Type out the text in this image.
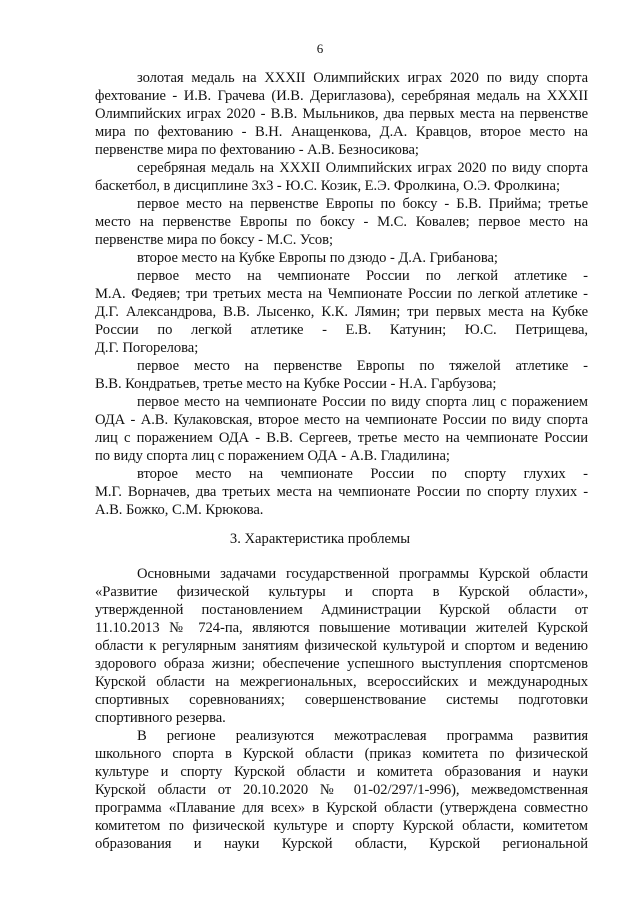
6
золотая медаль на XXXII Олимпийских играх 2020 по виду спорта
фехтование - И.В. Грачева (И.В. Дериглазова), серебряная медаль на XXXII
Олимпийских играх 2020 - В.В. Мыльников, два первых места на первенстве
мира по фехтованию - В.Н. Анащенкова, Д.А. Кравцов, второе место на
первенстве мира по фехтованию - А.В. Безносикова;
серебряная медаль на XXXII Олимпийских играх 2020 по виду спорта
баскетбол, в дисциплине 3х3 - Ю.С. Козик, Е.Э. Фролкина, О.Э. Фролкина;
первое место на первенстве Европы по боксу - Б.В. Прийма; третье
место на первенстве Европы по боксу - М.С. Ковалев; первое место на
первенстве мира по боксу - М.С. Усов;
второе место на Кубке Европы по дзюдо - Д.А. Грибанова;
первое место на чемпионате России по легкой атлетике -
М.А. Федяев; три третьих места на Чемпионате России по легкой атлетике -
Д.Г. Александрова, В.В. Лысенко, К.К. Лямин; три первых места на Кубке
России по легкой атлетике - Е.В. Катунин; Ю.С. Петрищева,
Д.Г. Погорелова;
первое место на первенстве Европы по тяжелой атлетике -
В.В. Кондратьев, третье место на Кубке России - Н.А. Гарбузова;
первое место на чемпионате России по виду спорта лиц с поражением
ОДА - А.В. Кулаковская, второе место на чемпионате России по виду спорта
лиц с поражением ОДА - В.В. Сергеев, третье место на чемпионате России
по виду спорта лиц с поражением ОДА - А.В. Гладилина;
второе место на чемпионате России по спорту глухих -
М.Г. Ворначев, два третьих места на чемпионате России по спорту глухих -
А.В. Божко, С.М. Крюкова.
3. Характеристика проблемы
Основными задачами государственной программы Курской области
«Развитие физической культуры и спорта в Курской области»,
утвержденной постановлением Администрации Курской области от
11.10.2013 № 724-па, являются повышение мотивации жителей Курской
области к регулярным занятиям физической культурой и спортом и ведению
здорового образа жизни; обеспечение успешного выступления спортсменов
Курской области на межрегиональных, всероссийских и международных
спортивных соревнованиях; совершенствование системы подготовки
спортивного резерва.
В регионе реализуются межотраслевая программа развития
школьного спорта в Курской области (приказ комитета по физической
культуре и спорту Курской области и комитета образования и науки
Курской области от 20.10.2020 № 01-02/297/1-996), межведомственная
программа «Плавание для всех» в Курской области (утверждена совместно
комитетом по физической культуре и спорту Курской области, комитетом
образования и науки Курской области, Курской региональной
